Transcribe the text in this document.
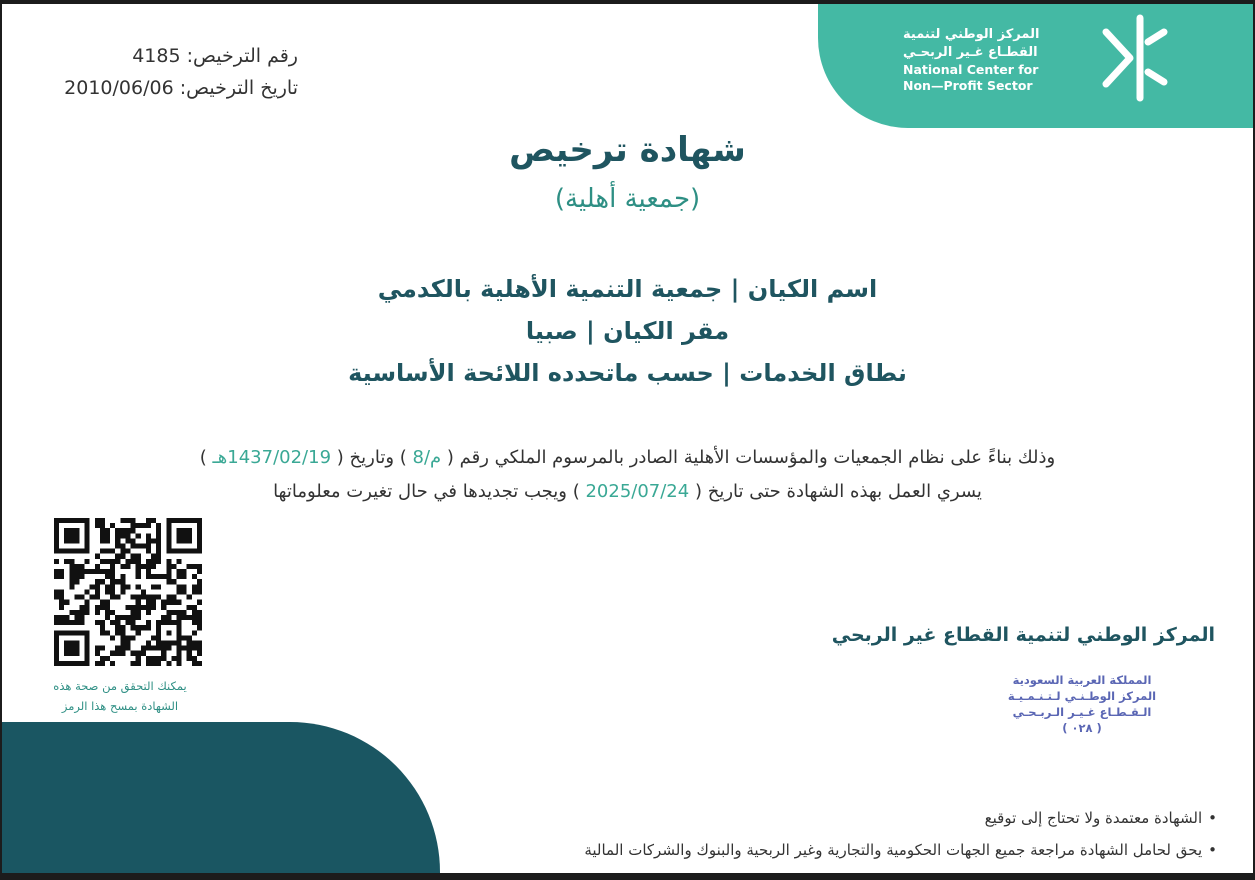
المركز الوطني لتنمية
القطـاع غـير الربحـي
National Center for
Non—Profit Sector
رقم الترخيص: 4185
تاريخ الترخيص: 2010/06/06
شهادة ترخيص
(جمعية أهلية)
اسم الكيان | جمعية التنمية الأهلية بالكدمي
مقر الكيان | صبيا
نطاق الخدمات | حسب ماتحدده اللائحة الأساسية
وذلك بناءً على نظام الجمعيات والمؤسسات الأهلية الصادر بالمرسوم الملكي رقم ( م/8 ) وتاريخ ( 1437/02/19هـ )
يسري العمل بهذه الشهادة حتى تاريخ ( 2025/07/24 ) ويجب تجديدها في حال تغيرت معلوماتها
يمكنك التحقق من صحة هذه
الشهادة بمسح هذا الرمز
المركز الوطني لتنمية القطاع غير الربحي
المملكة العربية السعودية
المركز الوطـنـي لـتـنـمـيـة
الـقـطـاع غـيـر الـربـحـي
( ٠٢٨ )
• الشهادة معتمدة ولا تحتاج إلى توقيع
• يحق لحامل الشهادة مراجعة جميع الجهات الحكومية والتجارية وغير الربحية والبنوك والشركات المالية
